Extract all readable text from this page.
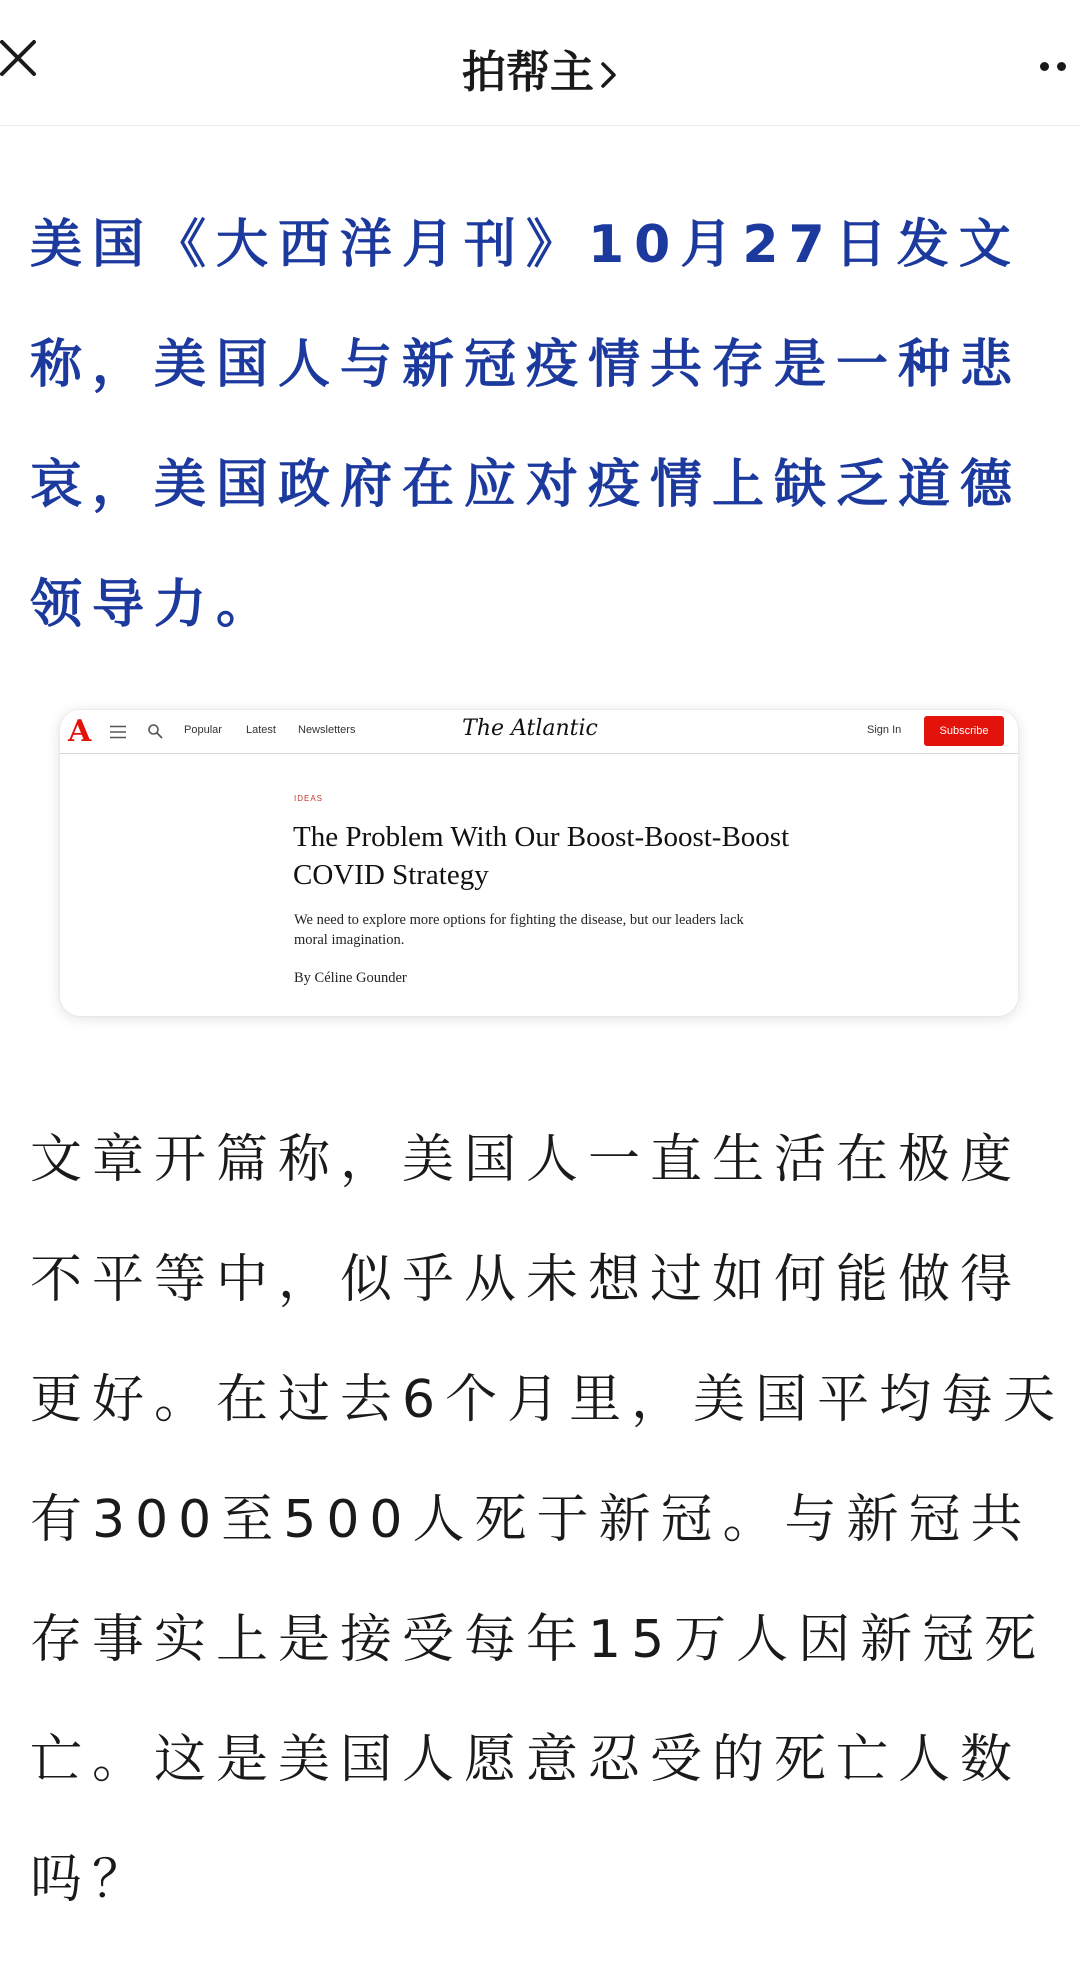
拍帮主

美国《大西洋月刊》10月27日发文
称，美国人与新冠疫情共存是一种悲
哀，美国政府在应对疫情上缺乏道德
领导力。

A	Popular Latest Newsletters	The Atlantic	Sign In	Subscribe
IDEAS
The Problem With Our Boost-Boost-Boost COVID Strategy

We need to explore more options for fighting the disease, but our leaders lack moral imagination.

By Céline Gounder

文章开篇称，美国人一直生活在极度
不平等中，似乎从未想过如何能做得
更好。在过去6个月里，美国平均每天
有300至500人死于新冠。与新冠共
存事实上是接受每年15万人因新冠死
亡。这是美国人愿意忍受的死亡人数
吗？
